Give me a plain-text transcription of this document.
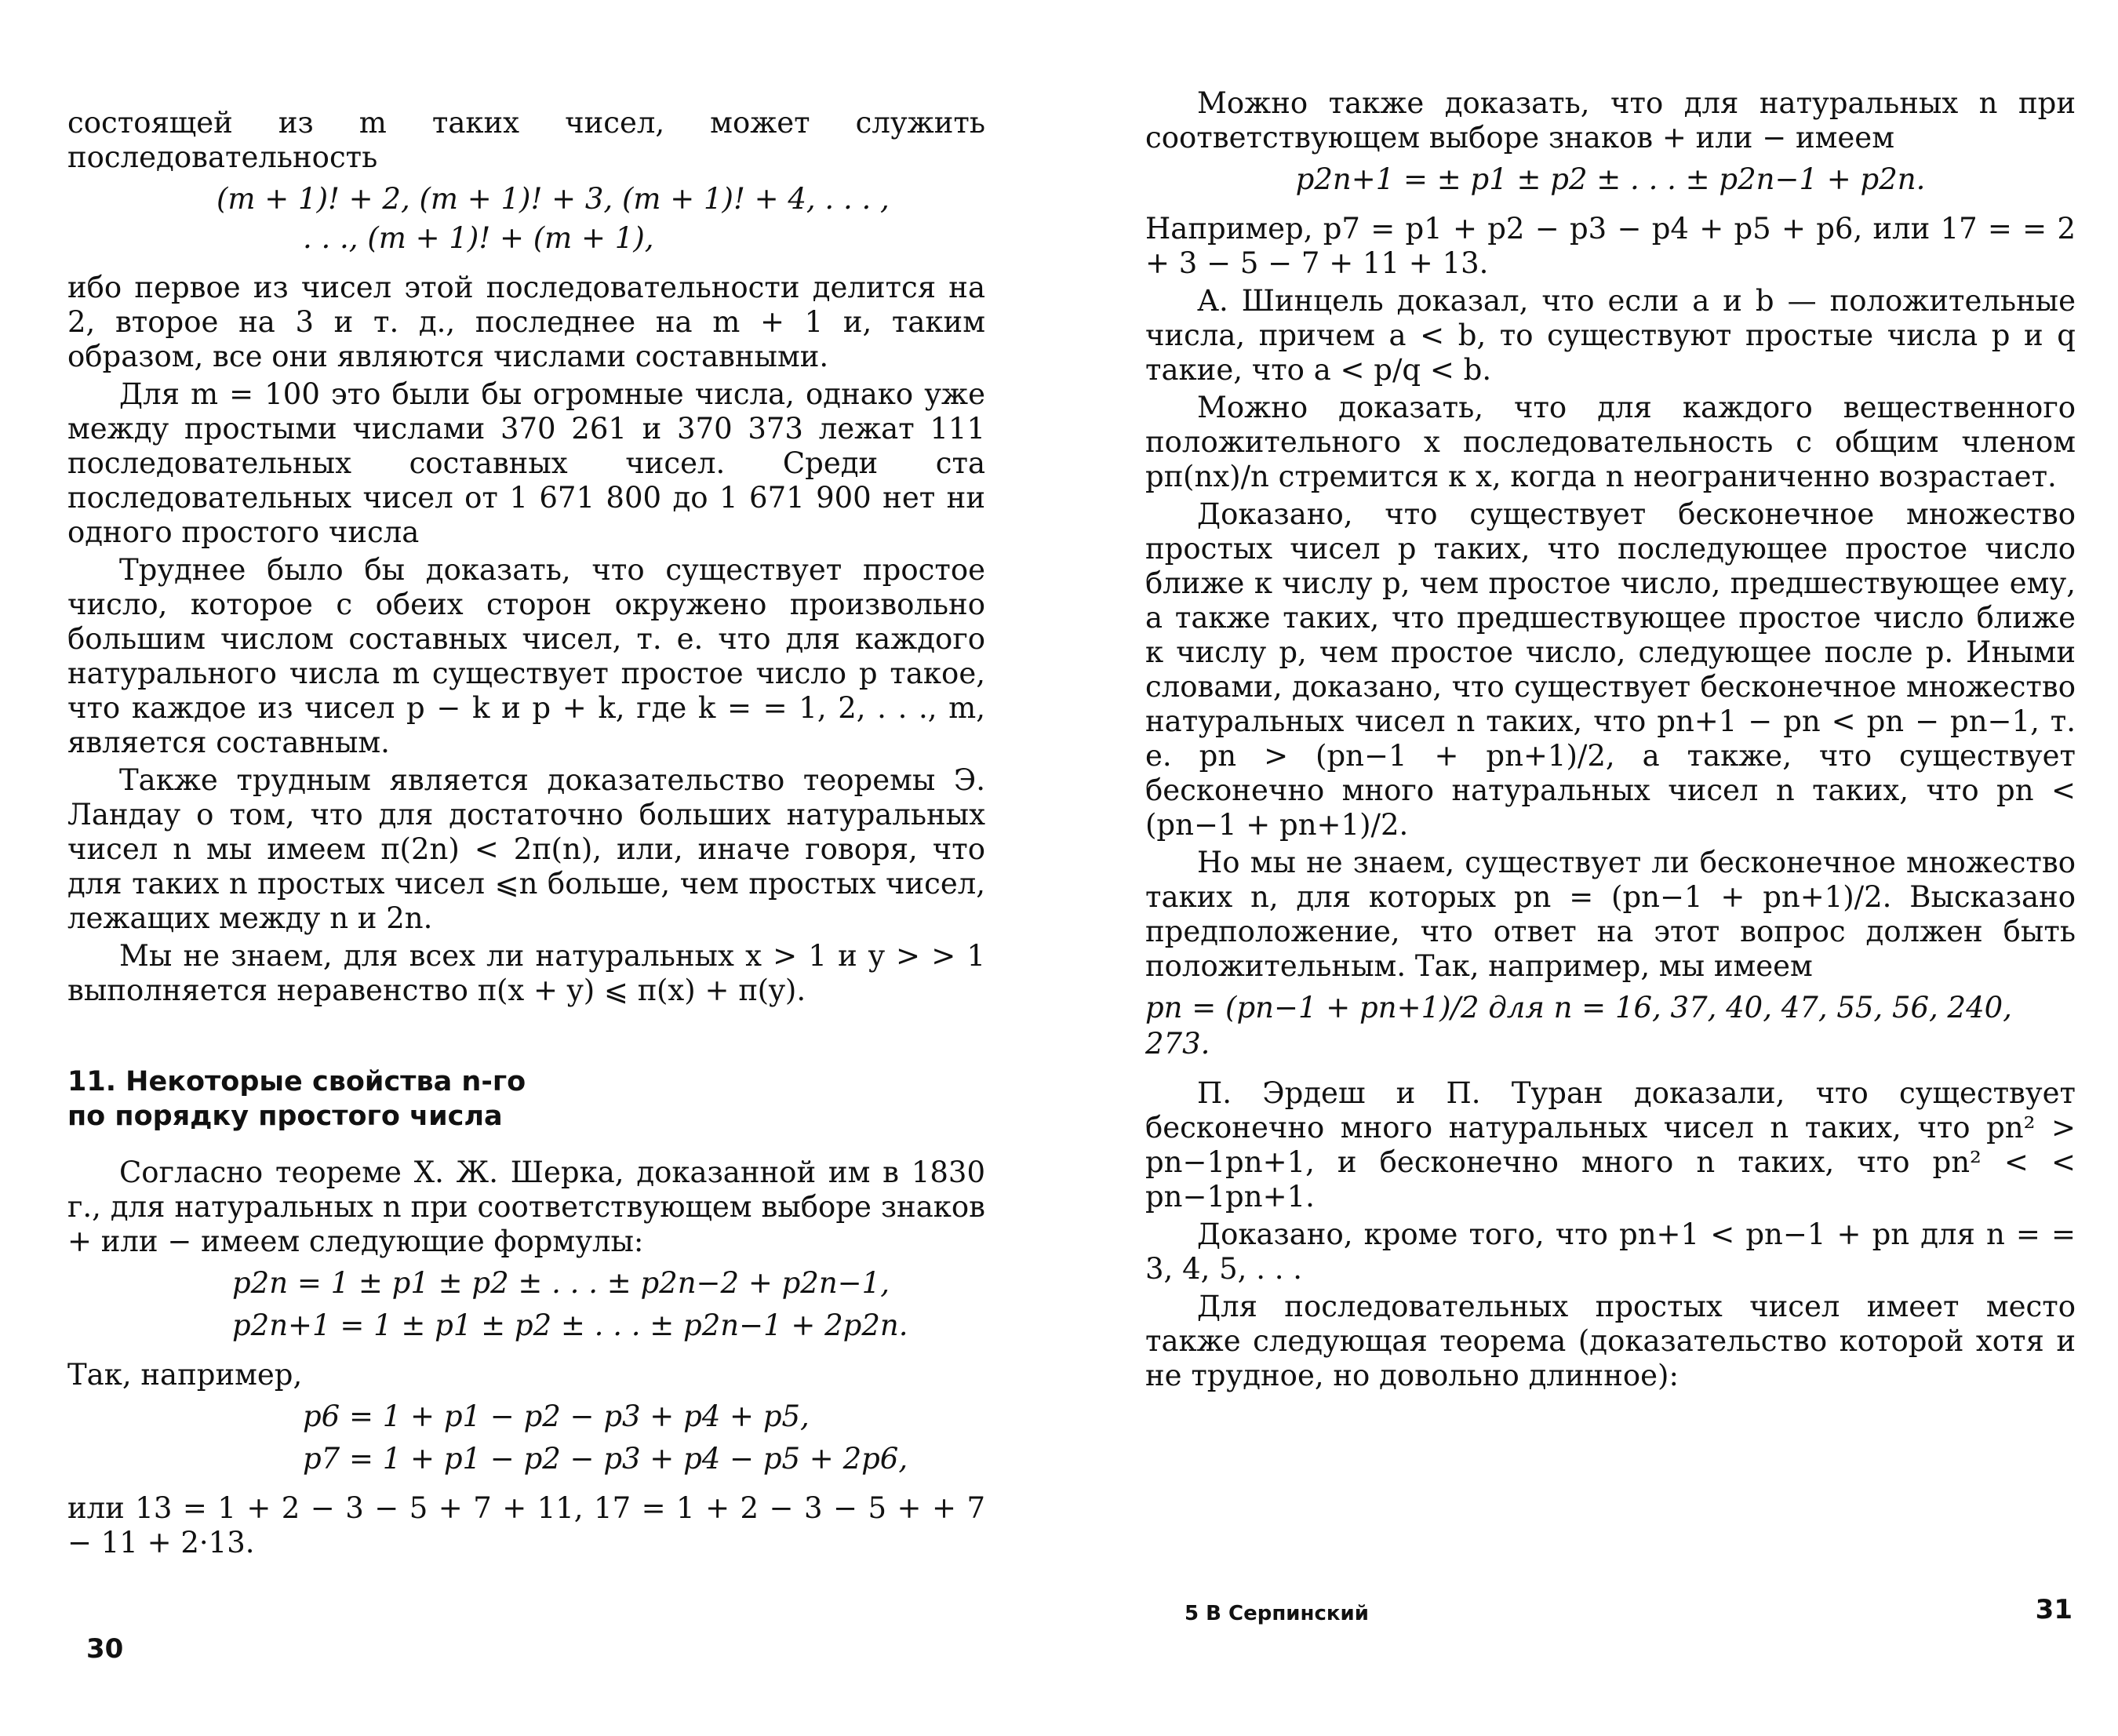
состоящей из m таких чисел, может служить последовательность

(m + 1)! + 2, (m + 1)! + 3, (m + 1)! + 4, . . . ,
. . ., (m + 1)! + (m + 1),

ибо первое из чисел этой последовательности делится на 2, второе на 3 и т. д., последнее на m + 1 и, таким образом, все они являются числами составными.

Для m = 100 это были бы огромные числа, однако уже между простыми числами 370 261 и 370 373 лежат 111 последовательных составных чисел. Среди ста последовательных чисел от 1 671 800 до 1 671 900 нет ни одного простого числа

Труднее было бы доказать, что существует простое число, которое с обеих сторон окружено произвольно большим числом составных чисел, т. е. что для каждого натурального числа m существует простое число p такое, что каждое из чисел p − k и p + k, где k = = 1, 2, . . ., m, является составным.

Также трудным является доказательство теоремы Э. Ландау о том, что для достаточно больших натуральных чисел n мы имеем π(2n) < 2π(n), или, иначе говоря, что для таких n простых чисел ⩽n больше, чем простых чисел, лежащих между n и 2n.

Мы не знаем, для всех ли натуральных x > 1 и y > > 1 выполняется неравенство π(x + y) ⩽ π(x) + π(y).

11. Некоторые свойства n-го
по порядку простого числа

Согласно теореме X. Ж. Шерка, доказанной им в 1830 г., для натуральных n при соответствующем выборе знаков + или − имеем следующие формулы:

p2n = 1 ± p1 ± p2 ± . . . ± p2n−2 + p2n−1,
p2n+1 = 1 ± p1 ± p2 ± . . . ± p2n−1 + 2p2n.

Так, например,

p6 = 1 + p1 − p2 − p3 + p4 + p5,
p7 = 1 + p1 − p2 − p3 + p4 − p5 + 2p6,

или 13 = 1 + 2 − 3 − 5 + 7 + 11, 17 = 1 + 2 − 3 − 5 + + 7 − 11 + 2·13.

30

Можно также доказать, что для натуральных n при соответствующем выборе знаков + или − имеем

p2n+1 = ± p1 ± p2 ± . . . ± p2n−1 + p2n.

Например, p7 = p1 + p2 − p3 − p4 + p5 + p6, или 17 = = 2 + 3 − 5 − 7 + 11 + 13.

А. Шинцель доказал, что если a и b — положительные числа, причем a < b, то существуют простые числа p и q такие, что a < p/q < b.

Можно доказать, что для каждого вещественного положительного x последовательность с общим членом pπ(nx)/n стремится к x, когда n неограниченно возрастает.

Доказано, что существует бесконечное множество простых чисел p таких, что последующее простое число ближе к числу p, чем простое число, предшествующее ему, а также таких, что предшествующее простое число ближе к числу p, чем простое число, следующее после p. Иными словами, доказано, что существует бесконечное множество натуральных чисел n таких, что pn+1 − pn < pn − pn−1, т. е. pn > (pn−1 + pn+1)/2, а также, что существует бесконечно много натуральных чисел n таких, что pn < (pn−1 + pn+1)/2.

Но мы не знаем, существует ли бесконечное множество таких n, для которых pn = (pn−1 + pn+1)/2. Высказано предположение, что ответ на этот вопрос должен быть положительным. Так, например, мы имеем

pn = (pn−1 + pn+1)/2 для n = 16, 37, 40, 47, 55, 56, 240, 273.

П. Эрдеш и П. Туран доказали, что существует бесконечно много натуральных чисел n таких, что pn² > pn−1pn+1, и бесконечно много n таких, что pn² < < pn−1pn+1.

Доказано, кроме того, что pn+1 < pn−1 + pn для n = = 3, 4, 5, . . .

Для последовательных простых чисел имеет место также следующая теорема (доказательство которой хотя и не трудное, но довольно длинное):

5 В Серпинский	31
